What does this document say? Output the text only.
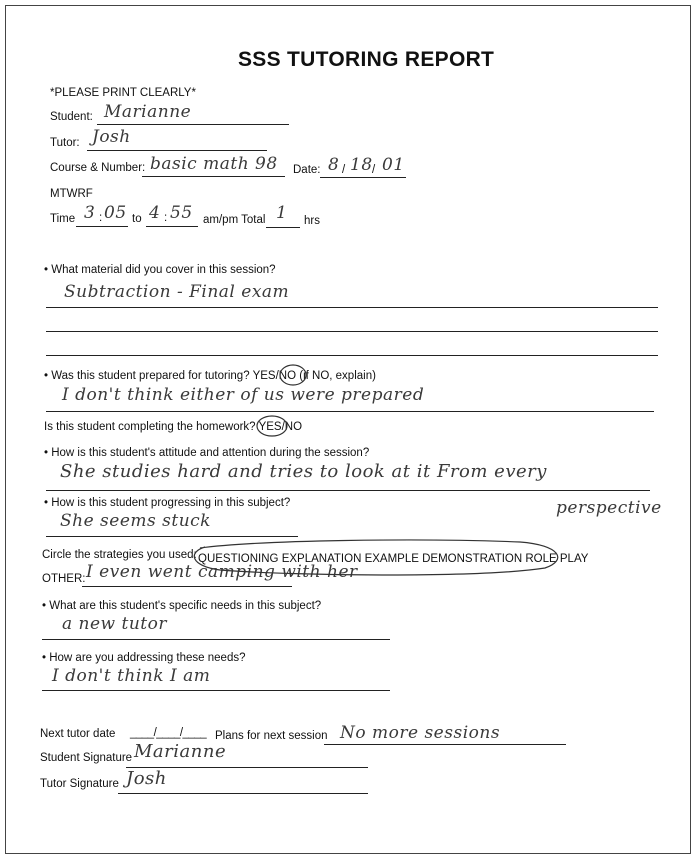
SSS TUTORING REPORT
*PLEASE PRINT CLEARLY*
Student: Marianne
Tutor: Josh
Course & Number: basic math 98 Date: 8 / 18 / 01
MTWRF
Time 3 : 05 to 4 : 55 am/pm Total 1 hrs
• What material did you cover in this session?
Subtraction - Final exam
• Was this student prepared for tutoring? YES/NO (if NO, explain)
I don't think either of us were prepared
Is this student completing the homework? YES/NO
• How is this student's attitude and attention during the session?
She studies hard and tries to look at it From every
perspective
• How is this student progressing in this subject?
She seems stuck
Circle the strategies you used: QUESTIONING EXPLANATION EXAMPLE DEMONSTRATION ROLE PLAY
OTHER: I even went camping with her
• What are this student's specific needs in this subject?
a new tutor
• How are you addressing these needs?
I don't think I am
Next tutor date ____/____/____ Plans for next session No more sessions
Student Signature Marianne
Tutor Signature Josh
